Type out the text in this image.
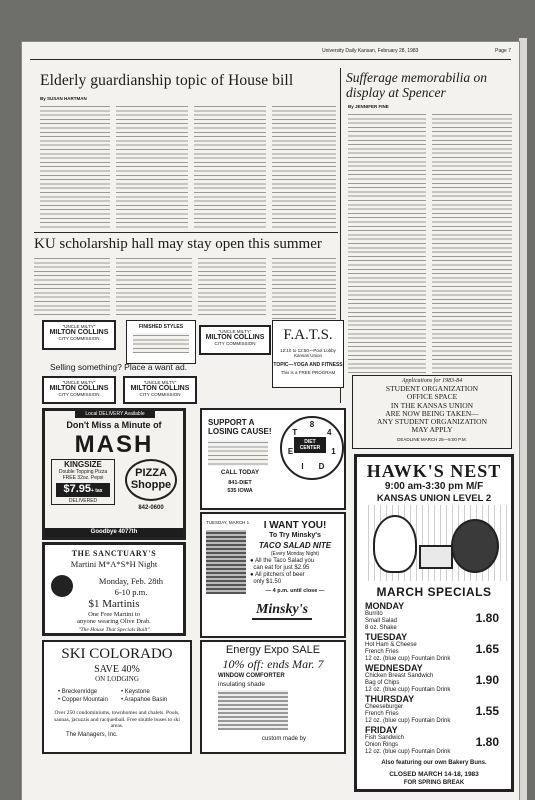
University Daily Kansan, February 28, 1983	Page 7
Elderly guardianship topic of House bill
By SUSAN HARTMAN
Sufferage memorabilia on display at Spencer
By JENNIFER FINE
KU scholarship hall may stay open this summer
"UNCLE MILTY"
MILTON COLLINS
CITY COMMISSION
FINISHED STYLES
"UNCLE MILTY"
MILTON COLLINS
CITY COMMISSION
Selling something? Place a want ad.
"UNCLE MILTY"
MILTON COLLINS
CITY COMMISSION
"UNCLE MILTY"
MILTON COLLINS
CITY COMMISSION
F.A.T.S.
12:10 to 12:50—Pool Lobby
Kansas Union
TOPIC—YOGA AND FITNESS
This is a FREE PROGRAM
Applications for 1983-84
STUDENT ORGANIZATION
OFFICE SPACE
IN THE KANSAS UNION
ARE NOW BEING TAKEN—
ANY STUDENT ORGANIZATION
MAY APPLY
DEADLINE MARCH 25—5:00 P.M.
Local DELIVERY Available
Don't Miss a Minute of
MASH
KINGSIZE
Double Topping Pizza
FREE 32oz. Pepsi
$7.95+ tax
DELIVERED
PIZZA Shoppe
842-0600
Goodbye 4077th
SUPPORT A LOSING CAUSE!
CALL TODAY
841-DIET
535 IOWA
8
4
1
D
I
E
T
DIET CENTER
HAWK'S NEST
9:00 am-3:30 pm M/F
KANSAS UNION LEVEL 2
MARCH SPECIALS
MONDAY
Burrito
Small Salad
8 oz. Shake
1.80
TUESDAY
Hot Ham & Cheese
French Fries
12 oz. (blue cup) Fountain Drink
1.65
WEDNESDAY
Chicken Breast Sandwich
Bag of Chips
12 oz. (blue cup) Fountain Drink
1.90
THURSDAY
Cheeseburger
French Fries
12 oz. (blue cup) Fountain Drink
1.55
FRIDAY
Fish Sandwich
Onion Rings
12 oz. (blue cup) Fountain Drink
1.80
Also featuring our own Bakery Buns.
CLOSED MARCH 14-18, 1983
FOR SPRING BREAK
THE SANCTUARY'S
Martini M*A*S*H Night
Monday, Feb. 28th
6-10 p.m.
$1 Martinis
One Free Martini to
anyone wearing Olive Drab.
"The House That Specials Built"
TUESDAY, MARCH 1	I WANT YOU!
To Try Minsky's
TACO SALAD NITE
(Every Monday Night)
● All the Taco Salad you
can eat for just $2.95
● All pitchers of beer
only $1.50
— 4 p.m. until close —
Minsky's
SKI COLORADO
SAVE 40%
ON LODGING
• Breckenridge	• Keystone• Copper Mountain • Arapahoe Basin
Over 250 condominiums, townhomes and chalets. Pools, saunas, jacuzzis and racquetball. Free shuttle buses to ski areas.
The Managers, Inc.
Energy Expo SALE
10% off: ends Mar. 7
WINDOW COMFORTER
insulating shade
custom made by
